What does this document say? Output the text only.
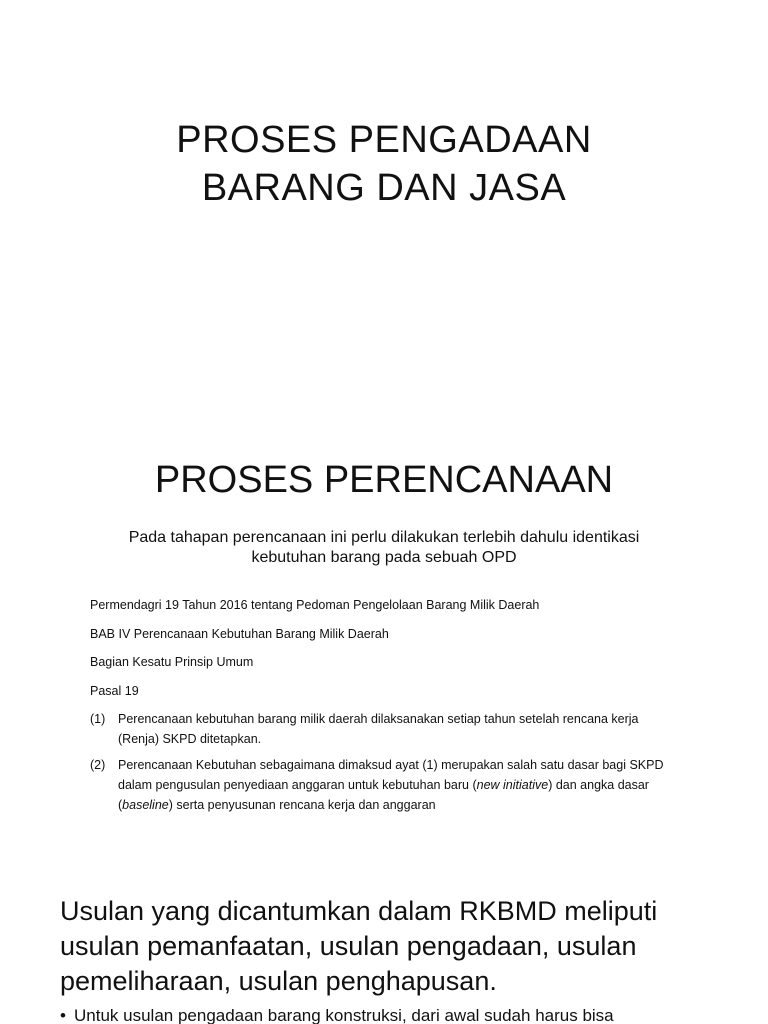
PROSES PENGADAAN
BARANG DAN JASA
PROSES PERENCANAAN
Pada tahapan perencanaan ini perlu dilakukan terlebih dahulu identikasi
kebutuhan barang pada sebuah OPD
Permendagri 19 Tahun 2016 tentang Pedoman Pengelolaan Barang Milik Daerah
BAB IV Perencanaan Kebutuhan Barang Milik Daerah
Bagian Kesatu Prinsip Umum
Pasal 19
(1)	Perencanaan kebutuhan barang milik daerah dilaksanakan setiap tahun setelah rencana kerja (Renja) SKPD ditetapkan.
(2)	Perencanaan Kebutuhan sebagaimana dimaksud ayat (1) merupakan salah satu dasar bagi SKPD dalam pengusulan penyediaan anggaran untuk kebutuhan baru (new initiative) dan angka dasar (baseline) serta penyusunan rencana kerja dan anggaran
Usulan yang dicantumkan dalam RKBMD meliputi
usulan pemanfaatan, usulan pengadaan, usulan
pemeliharaan, usulan penghapusan.
• Untuk usulan pengadaan barang konstruksi, dari awal sudah harus bisa
